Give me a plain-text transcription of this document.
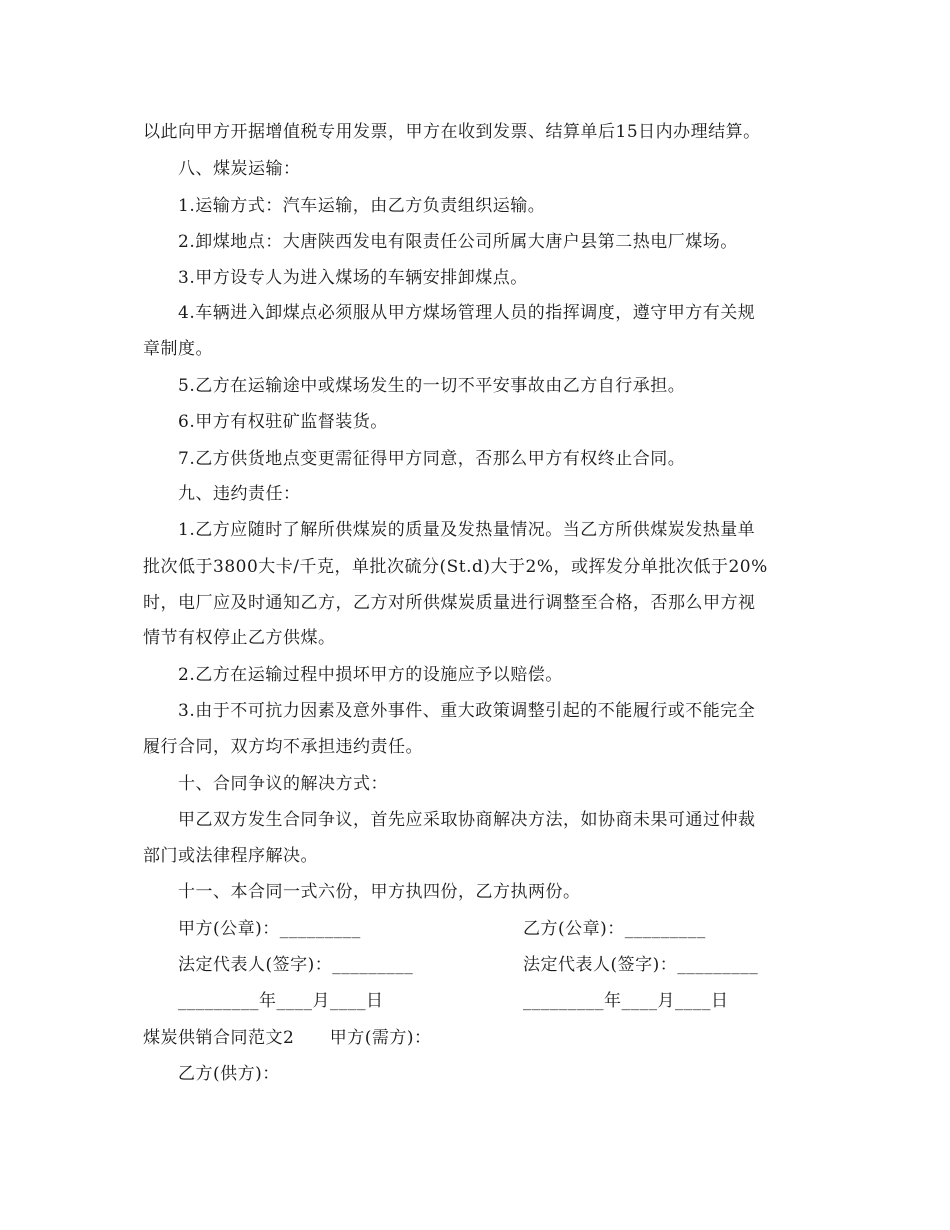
以此向甲方开据增值税专用发票，甲方在收到发票、结算单后15日内办理结算。
八、煤炭运输：
1.运输方式：汽车运输，由乙方负责组织运输。
2.卸煤地点：大唐陕西发电有限责任公司所属大唐户县第二热电厂煤场。
3.甲方设专人为进入煤场的车辆安排卸煤点。
4.车辆进入卸煤点必须服从甲方煤场管理人员的指挥调度，遵守甲方有关规
章制度。
5.乙方在运输途中或煤场发生的一切不平安事故由乙方自行承担。
6.甲方有权驻矿监督装货。
7.乙方供货地点变更需征得甲方同意，否那么甲方有权终止合同。
九、违约责任：
1.乙方应随时了解所供煤炭的质量及发热量情况。当乙方所供煤炭发热量单
批次低于3800大卡/千克，单批次硫分(St.d)大于2%，或挥发分单批次低于20%
时，电厂应及时通知乙方，乙方对所供煤炭质量进行调整至合格，否那么甲方视
情节有权停止乙方供煤。
2.乙方在运输过程中损坏甲方的设施应予以赔偿。
3.由于不可抗力因素及意外事件、重大政策调整引起的不能履行或不能完全
履行合同，双方均不承担违约责任。
十、合同争议的解决方式：
甲乙双方发生合同争议，首先应采取协商解决方法，如协商未果可通过仲裁
部门或法律程序解决。
十一、本合同一式六份，甲方执四份，乙方执两份。
甲方(公章)：_________	乙方(公章)：_________
法定代表人(签字)：_________	法定代表人(签字)：_________
_________年____月____日	_________年____月____日
煤炭供销合同范文2      甲方(需方)：
乙方(供方)：
